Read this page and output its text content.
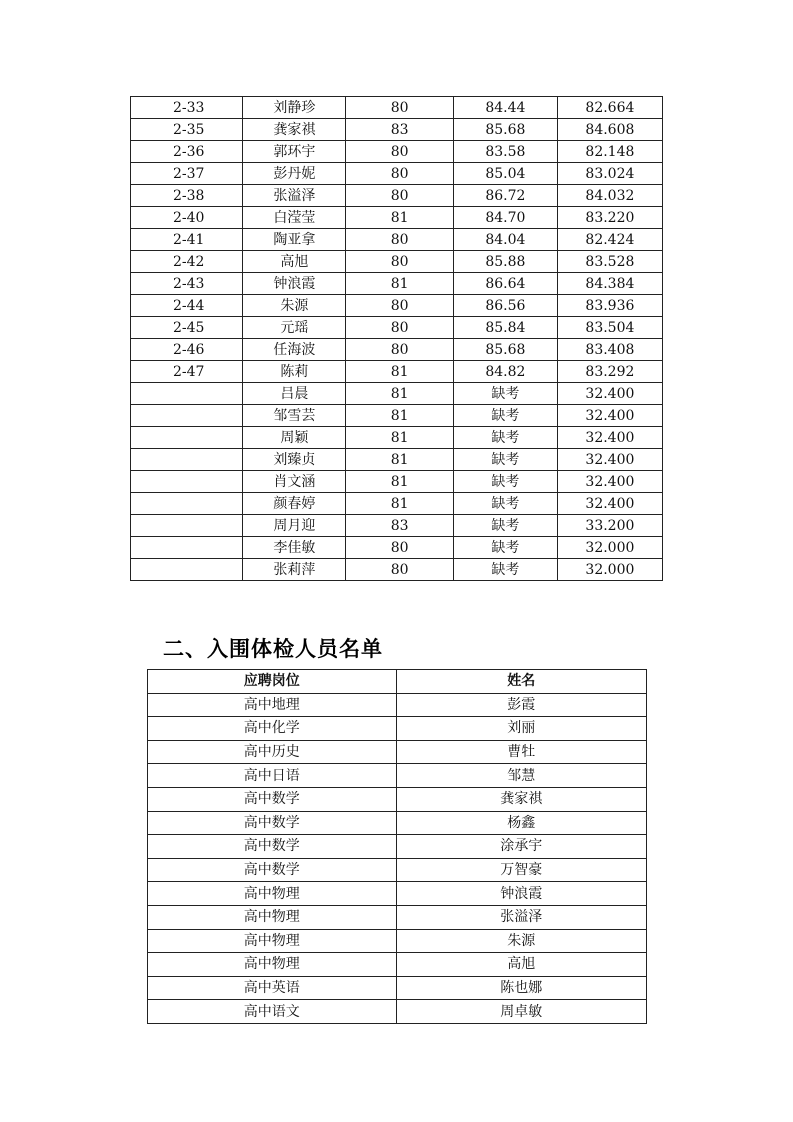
2-33	刘静珍	80	84.44	82.664
2-35	龚家祺	83	85.68	84.608
2-36	郭环宇	80	83.58	82.148
2-37	彭丹妮	80	85.04	83.024
2-38	张溢泽	80	86.72	84.032
2-40	白滢莹	81	84.70	83.220
2-41	陶亚拿	80	84.04	82.424
2-42	高旭	80	85.88	83.528
2-43	钟浪霞	81	86.64	84.384
2-44	朱源	80	86.56	83.936
2-45	元瑶	80	85.84	83.504
2-46	任海波	80	85.68	83.408
2-47	陈莉	81	84.82	83.292
	吕晨	81	缺考	32.400
	邹雪芸	81	缺考	32.400
	周颖	81	缺考	32.400
	刘臻贞	81	缺考	32.400
	肖文涵	81	缺考	32.400
	颜春婷	81	缺考	32.400
	周月迎	83	缺考	33.200
	李佳敏	80	缺考	32.000
	张莉萍	80	缺考	32.000
二、入围体检人员名单
应聘岗位	姓名
高中地理	彭霞
高中化学	刘丽
高中历史	曹牡
高中日语	邹慧
高中数学	龚家祺
高中数学	杨鑫
高中数学	涂承宇
高中数学	万智豪
高中物理	钟浪霞
高中物理	张溢泽
高中物理	朱源
高中物理	高旭
高中英语	陈也娜
高中语文	周卓敏
